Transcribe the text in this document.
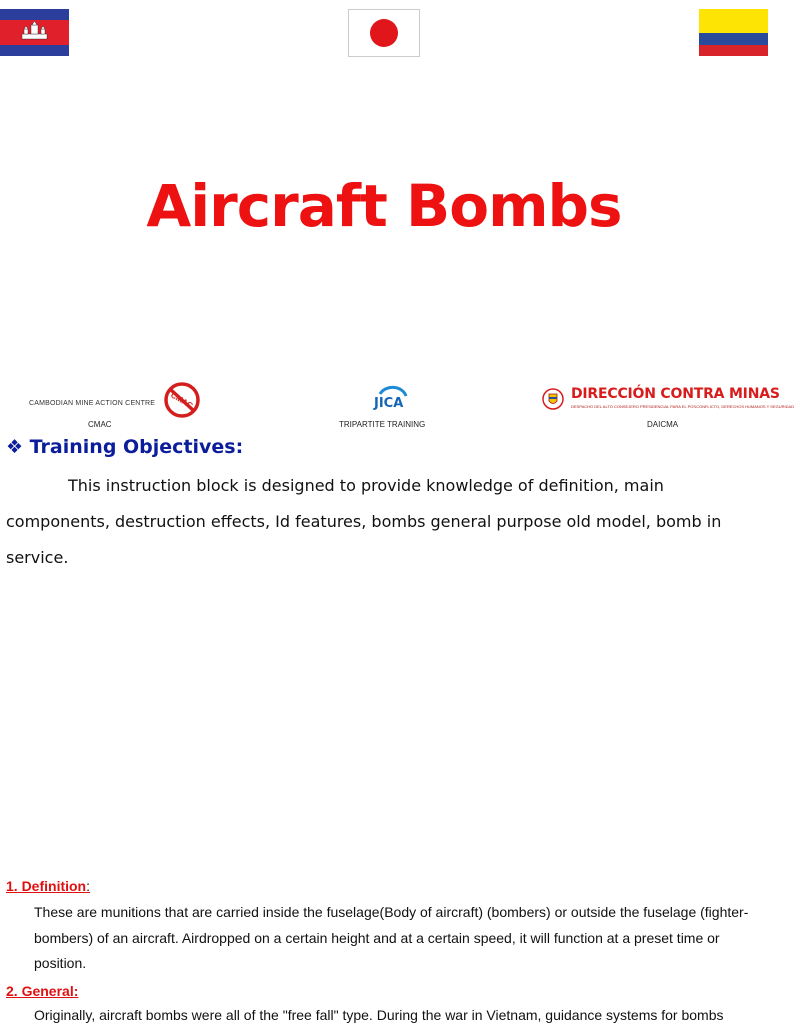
Aircraft Bombs
CAMBODIAN MINE ACTION CENTRE CMAC
CMAC
JICA
TRIPARTITE TRAINING
DIRECCIÓN CONTRA MINAS
DESPACHO DEL ALTO CONSEJERO PRESIDENCIAL PARA EL POSCONFLICTO, DERECHOS HUMANOS Y SEGURIDAD
DAICMA
❖ Training Objectives:
This instruction block is designed to provide knowledge of definition, main components, destruction effects, Id features, bombs general purpose old model, bomb in service.
1. Definition:
These are munitions that are carried inside the fuselage(Body of aircraft) (bombers) or outside the fuselage (fighter-bombers) of an aircraft. Airdropped on a certain height and at a certain speed, it will function at a preset time or position.
2. General:
Originally, aircraft bombs were all of the "free fall" type. During the war in Vietnam, guidance systems for bombs
